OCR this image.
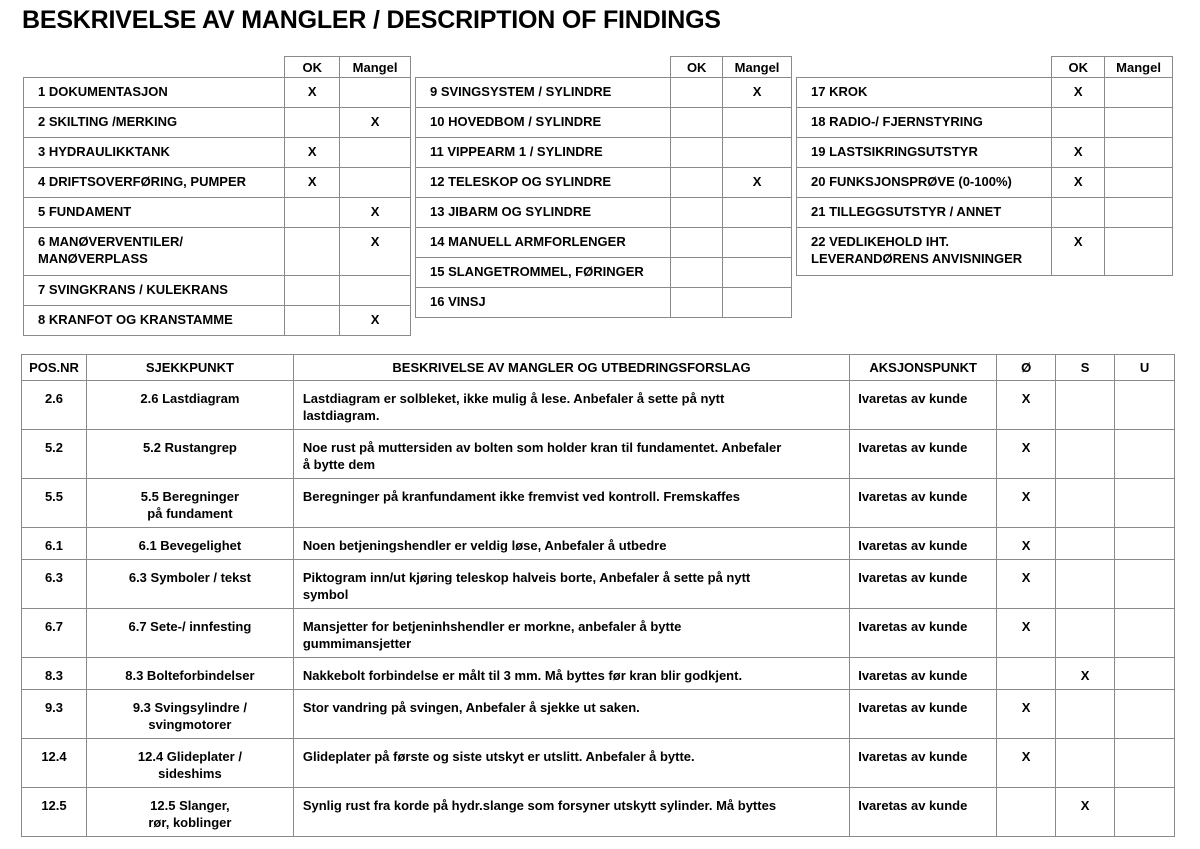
BESKRIVELSE AV MANGLER / DESCRIPTION OF FINDINGS
	OK	Mangel
1 DOKUMENTASJON	X	
2 SKILTING /MERKING		X
3 HYDRAULIKKTANK	X	
4 DRIFTSOVERFØRING, PUMPER	X	
5 FUNDAMENT		X
6 MANØVERVENTILER/
MANØVERPLASS		X
7 SVINGKRANS / KULEKRANS		
8 KRANFOT OG KRANSTAMME		X
	OK	Mangel
9 SVINGSYSTEM / SYLINDRE		X
10 HOVEDBOM / SYLINDRE		
11 VIPPEARM 1 / SYLINDRE		
12 TELESKOP OG SYLINDRE		X
13 JIBARM OG SYLINDRE		
14 MANUELL ARMFORLENGER		
15 SLANGETROMMEL, FØRINGER		
16 VINSJ		
	OK	Mangel
17 KROK	X	
18 RADIO-/ FJERNSTYRING		
19 LASTSIKRINGSUTSTYR	X	
20 FUNKSJONSPRØVE (0-100%)	X	
21 TILLEGGSUTSTYR / ANNET		
22 VEDLIKEHOLD IHT.
LEVERANDØRENS ANVISNINGER	X	
POS.NR	SJEKKPUNKT	BESKRIVELSE AV MANGLER OG UTBEDRINGSFORSLAG	AKSJONSPUNKT	Ø	S	U
2.6	2.6 Lastdiagram	Lastdiagram er solbleket, ikke mulig å lese. Anbefaler å sette på nytt
lastdiagram.	Ivaretas av kunde	X		
5.2	5.2 Rustangrep	Noe rust på muttersiden av bolten som holder kran til fundamentet. Anbefaler
å bytte dem	Ivaretas av kunde	X		
5.5	5.5 Beregninger
på fundament	Beregninger på kranfundament ikke fremvist ved kontroll. Fremskaffes	Ivaretas av kunde	X		
6.1	6.1 Bevegelighet	Noen betjeningshendler er veldig løse, Anbefaler å utbedre	Ivaretas av kunde	X		
6.3	6.3 Symboler / tekst	Piktogram inn/ut kjøring teleskop halveis borte, Anbefaler å sette på nytt
symbol	Ivaretas av kunde	X		
6.7	6.7 Sete-/ innfesting	Mansjetter for betjeninhshendler er morkne, anbefaler å bytte
gummimansjetter	Ivaretas av kunde	X		
8.3	8.3 Bolteforbindelser	Nakkebolt forbindelse er målt til 3 mm. Må byttes før kran blir godkjent.	Ivaretas av kunde		X	
9.3	9.3 Svingsylindre /
svingmotorer	Stor vandring på svingen, Anbefaler å sjekke ut saken.	Ivaretas av kunde	X		
12.4	12.4 Glideplater /
sideshims	Glideplater på første og siste utskyt er utslitt. Anbefaler å bytte.	Ivaretas av kunde	X		
12.5	12.5 Slanger,
rør, koblinger	Synlig rust fra korde på hydr.slange som forsyner utskytt sylinder. Må byttes	Ivaretas av kunde		X	
